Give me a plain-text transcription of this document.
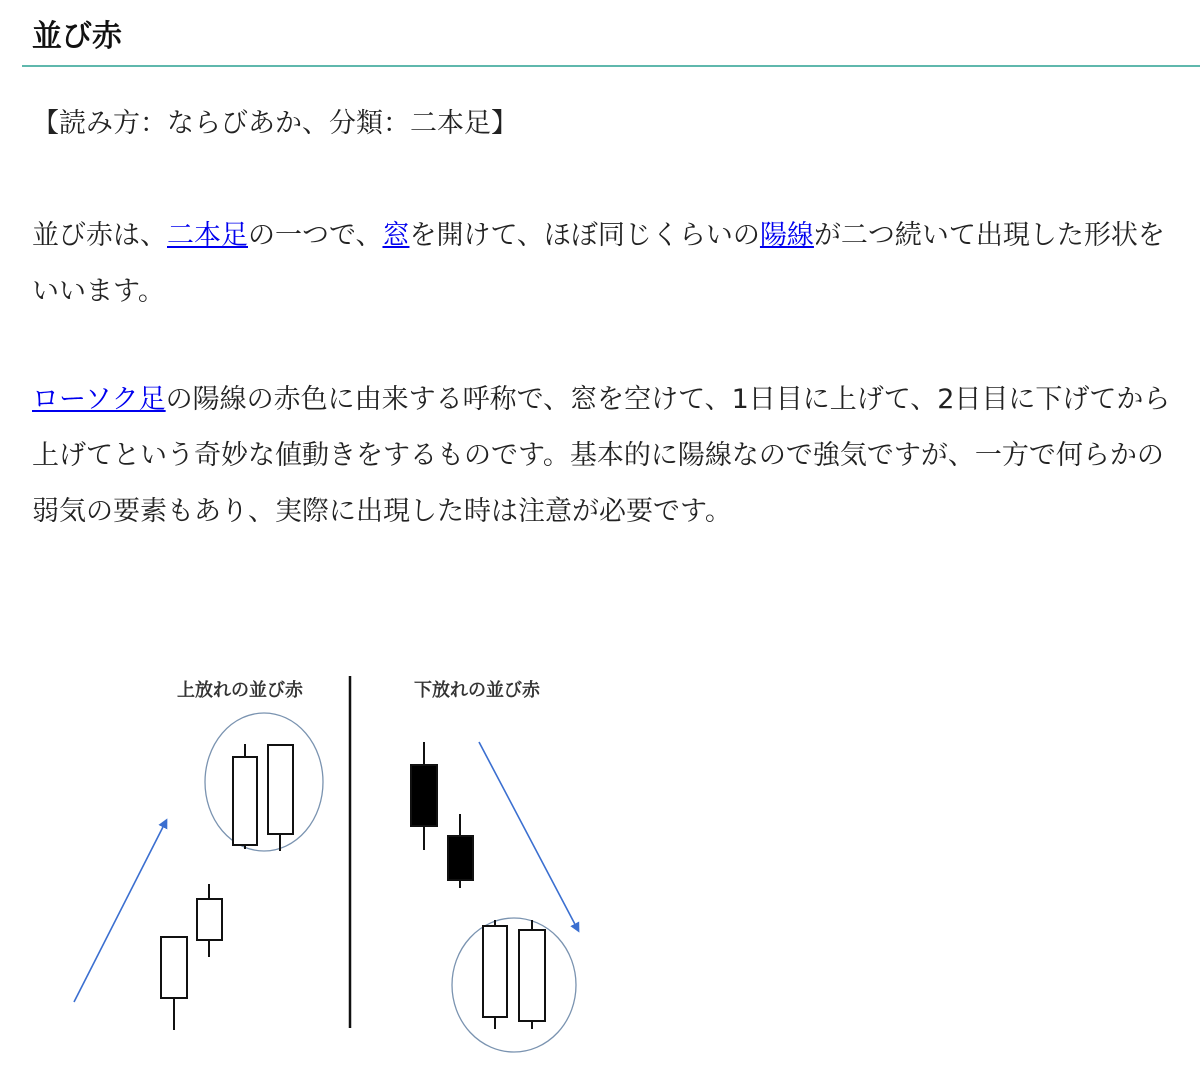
並び赤

【読み方：ならびあか、分類：二本足】

並び赤は、二本足の一つで、窓を開けて、ほぼ同じくらいの陽線が二つ続いて出現した形状をいいます。

ローソク足の陽線の赤色に由来する呼称で、窓を空けて、1日目に上げて、2日目に下げてから上げてという奇妙な値動きをするものです。基本的に陽線なので強気ですが、一方で何らかの弱気の要素もあり、実際に出現した時は注意が必要です。

上放れの並び赤	下放れの並び赤
